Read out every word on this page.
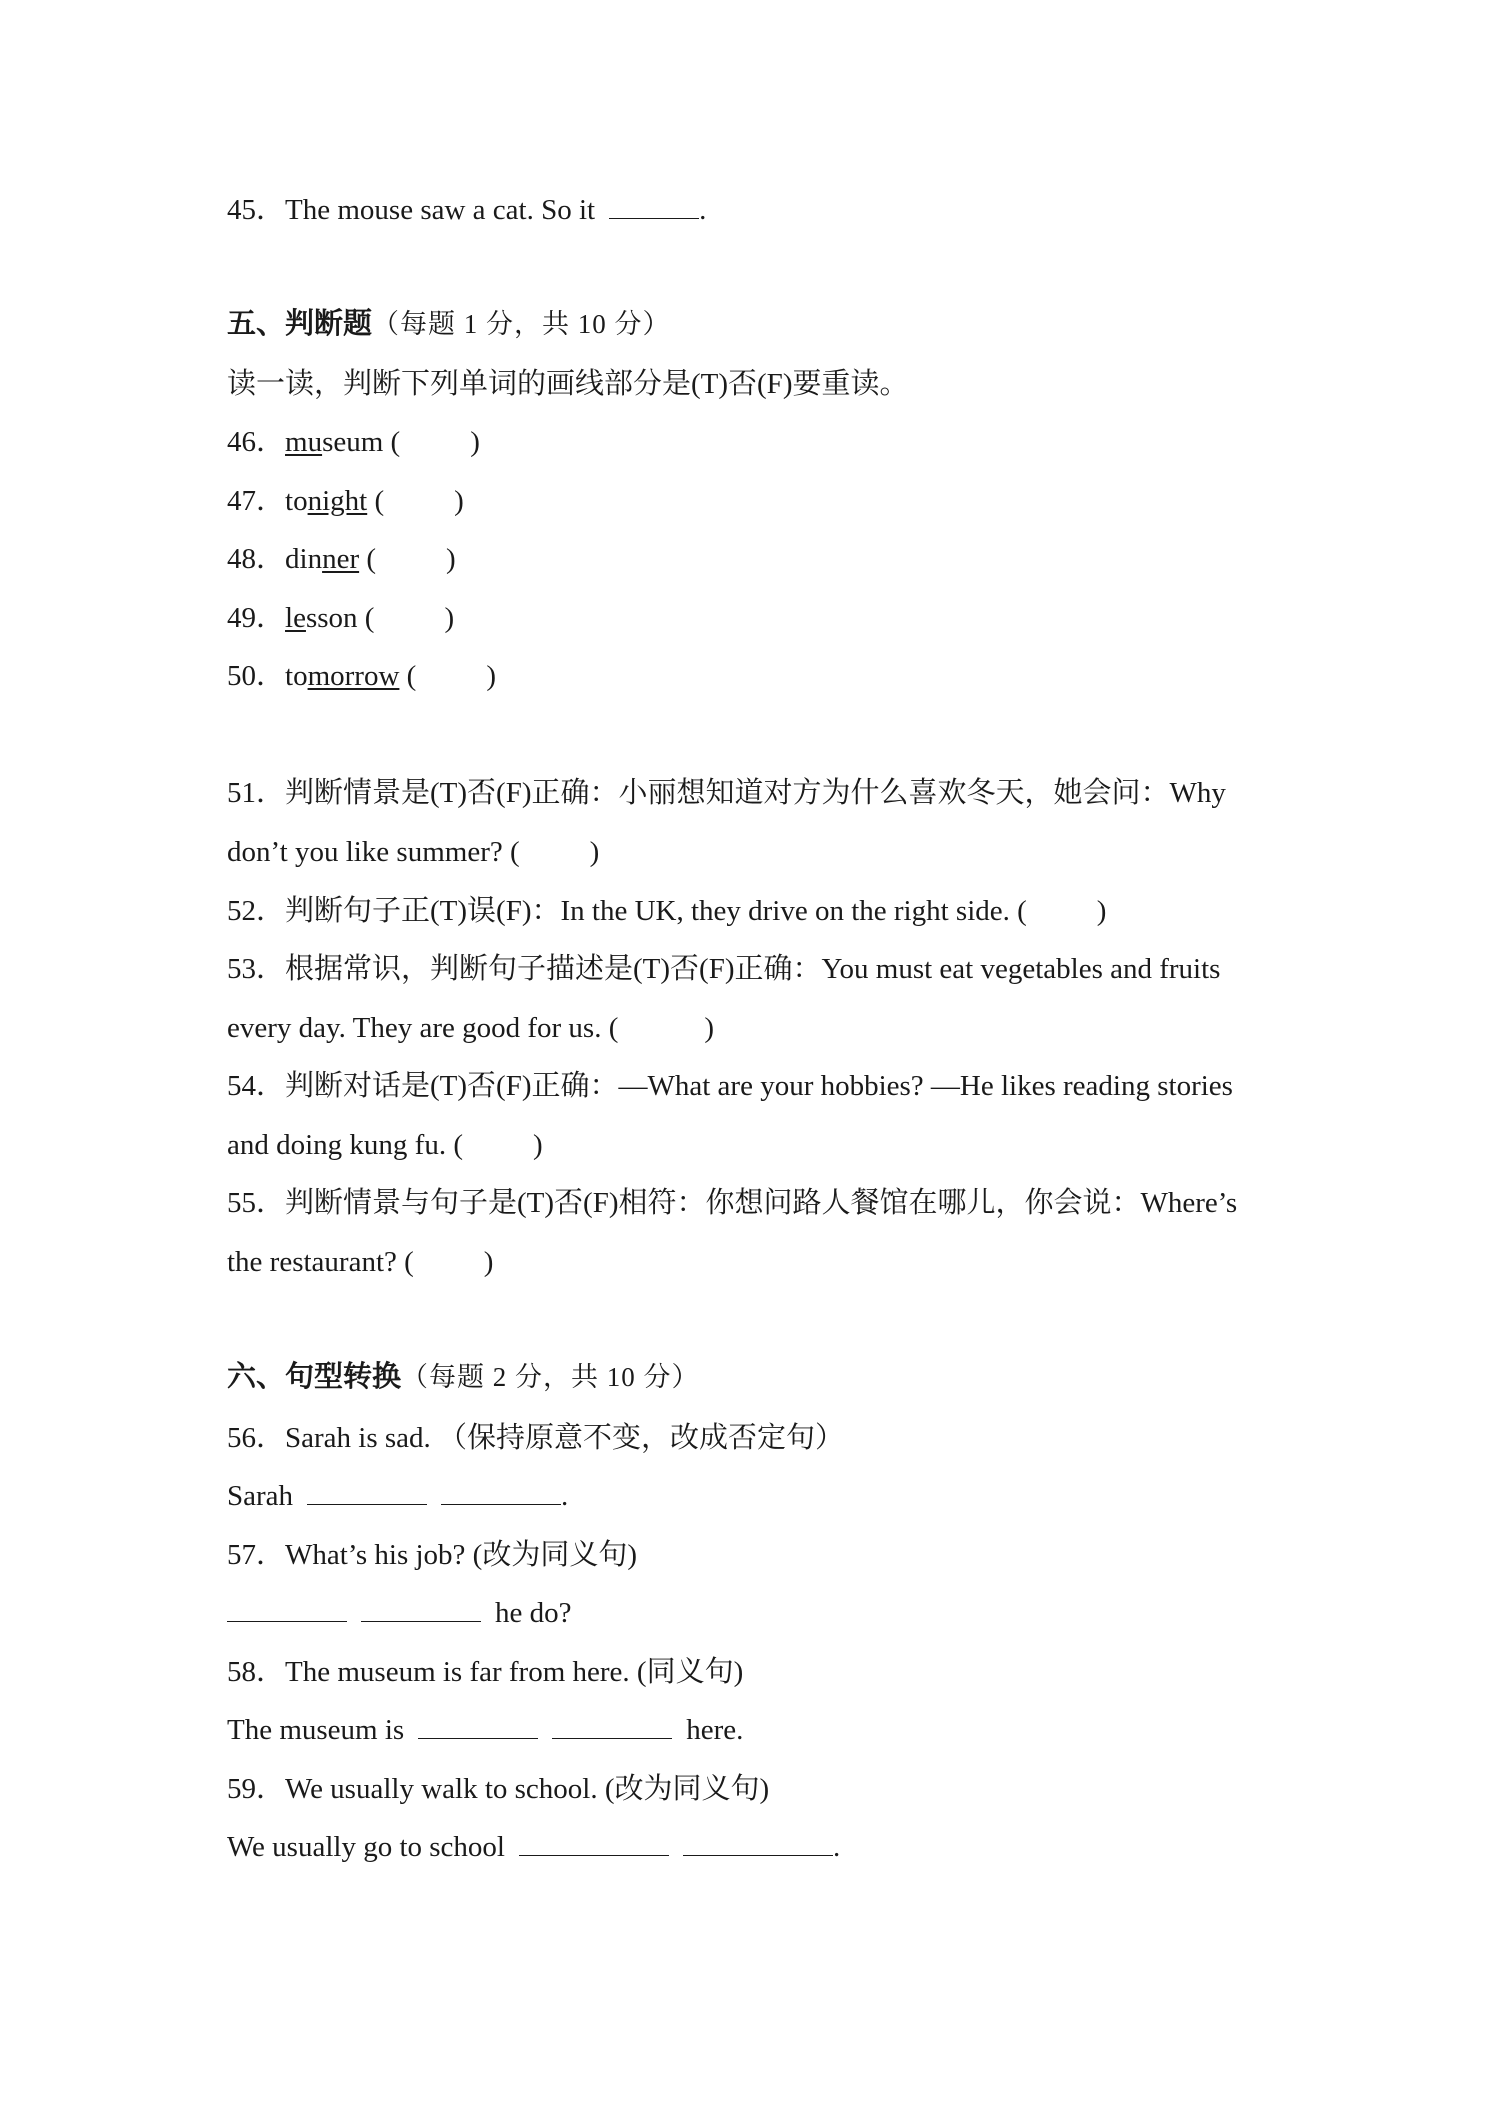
45．The mouse saw a cat. So it	.
五、判断题（每题 1 分，共 10 分）
读一读，判断下列单词的画线部分是(T)否(F)要重读。
46．museum ( )
47．tonight ( )
48．dinner ( )
49．lesson ( )
50．tomorrow ( )
51．判断情景是(T)否(F)正确：小丽想知道对方为什么喜欢冬天，她会问：Why
don’t you like summer? ( )
52．判断句子正(T)误(F)：In the UK, they drive on the right side. ( )
53．根据常识，判断句子描述是(T)否(F)正确：You must eat vegetables and fruits
every day. They are good for us. (	)
54．判断对话是(T)否(F)正确：—What are your hobbies? —He likes reading stories
and doing kung fu. ( )
55．判断情景与句子是(T)否(F)相符：你想问路人餐馆在哪儿，你会说：Where’s
the restaurant? ( )
六、句型转换（每题 2 分，共 10 分）
56．Sarah is sad. （保持原意不变，改成否定句）
Sarah	.
57．What’s his job? (改为同义句)
he do?
58．The museum is far from here. (同义句)
The museum is	here.
59．We usually walk to school. (改为同义句)
We usually go to school	.
